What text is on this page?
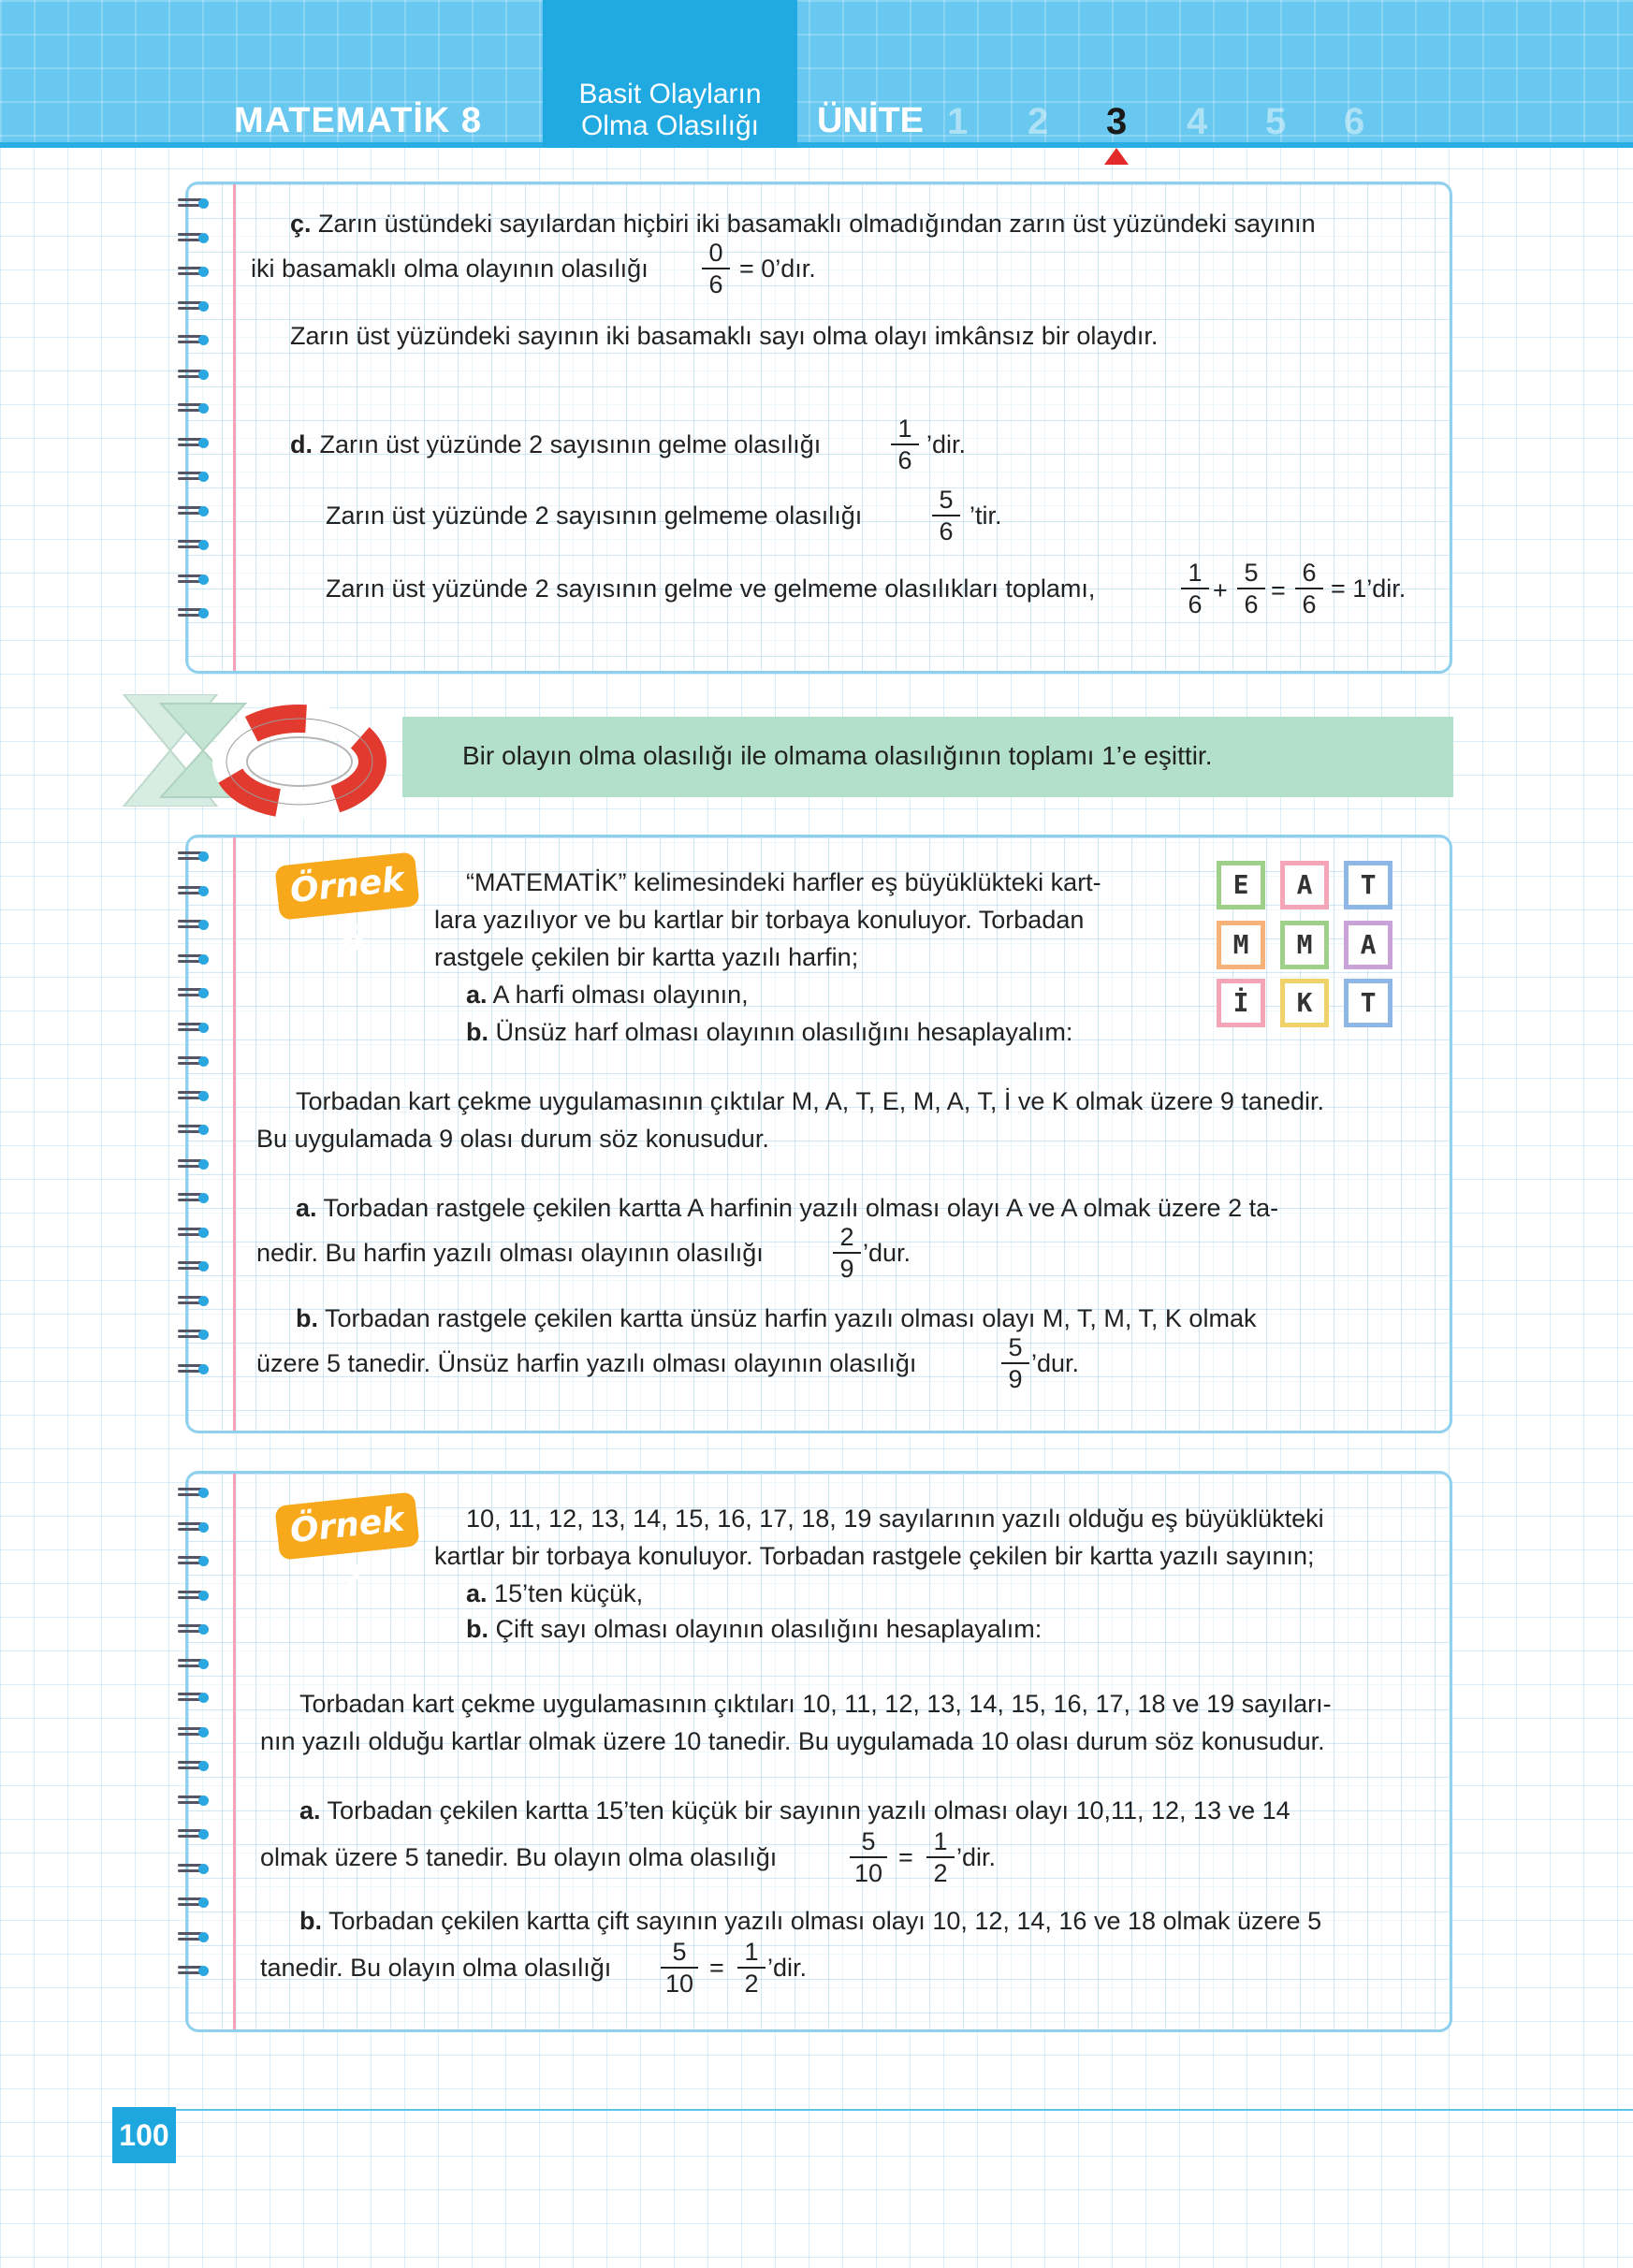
MATEMATİK 8
Basit Olayların
Olma Olasılığı	ÜNİTE 1 2 3 4 5 6
ç. Zarın üstündeki sayılardan hiçbiri iki basamaklı olmadığından zarın üst yüzündeki sayının
iki basamaklı olma olayının olasılığı $\frac{0}{6}$ = 0’dır.
Zarın üst yüzündeki sayının iki basamaklı sayı olma olayı imkânsız bir olaydır.
d. Zarın üst yüzünde 2 sayısının gelme olasılığı	$\frac{1}{6}$ ’dir.
Zarın üst yüzünde 2 sayısının gelmeme olasılığı	$\frac{5}{6}$ ’tir.
Zarın üst yüzünde 2 sayısının gelme ve gelmeme olasılıkları toplamı,	$\frac{1}{6} + \frac{5}{6} = \frac{6}{6}$ = 1’dir.
Bir olayın olma olasılığı ile olmama olasılığının toplamı 1’e eşittir.
Örnek 6
“MATEMATİK” kelimesindeki harfler eş büyüklükteki kart-
lara yazılıyor ve bu kartlar bir torbaya konuluyor. Torbadan
rastgele çekilen bir kartta yazılı harfin;
a. A harfi olması olayının,
b. Ünsüz harf olması olayının olasılığını hesaplayalım:
E	A	T
M	M	A
İ	K	T
Torbadan kart çekme uygulamasının çıktılar M, A, T, E, M, A, T, İ ve K olmak üzere 9 tanedir.
Bu uygulamada 9 olası durum söz konusudur.
a. Torbadan rastgele çekilen kartta A harfinin yazılı olması olayı A ve A olmak üzere 2 ta-
nedir. Bu harfin yazılı olması olayının olasılığı	$\frac{2}{9}$ ’dur.
b. Torbadan rastgele çekilen kartta ünsüz harfin yazılı olması olayı M, T, M, T, K olmak
üzere 5 tanedir. Ünsüz harfin yazılı olması olayının olasılığı	$\frac{5}{9}$ ’dur.
Örnek 7
10, 11, 12, 13, 14, 15, 16, 17, 18, 19 sayılarının yazılı olduğu eş büyüklükteki
kartlar bir torbaya konuluyor. Torbadan rastgele çekilen bir kartta yazılı sayının;
a. 15’ten küçük,
b. Çift sayı olması olayının olasılığını hesaplayalım:
Torbadan kart çekme uygulamasının çıktıları 10, 11, 12, 13, 14, 15, 16, 17, 18 ve 19 sayıları-
nın yazılı olduğu kartlar olmak üzere 10 tanedir. Bu uygulamada 10 olası durum söz konusudur.
a. Torbadan çekilen kartta 15’ten küçük bir sayının yazılı olması olayı 10,11, 12, 13 ve 14
olmak üzere 5 tanedir. Bu olayın olma olasılığı	$\frac{5}{10} = \frac{1}{2}$ ’dir.
b. Torbadan çekilen kartta çift sayının yazılı olması olayı 10, 12, 14, 16 ve 18 olmak üzere 5
tanedir. Bu olayın olma olasılığı $\frac{5}{10} = \frac{1}{2}$ ’dir.
100
